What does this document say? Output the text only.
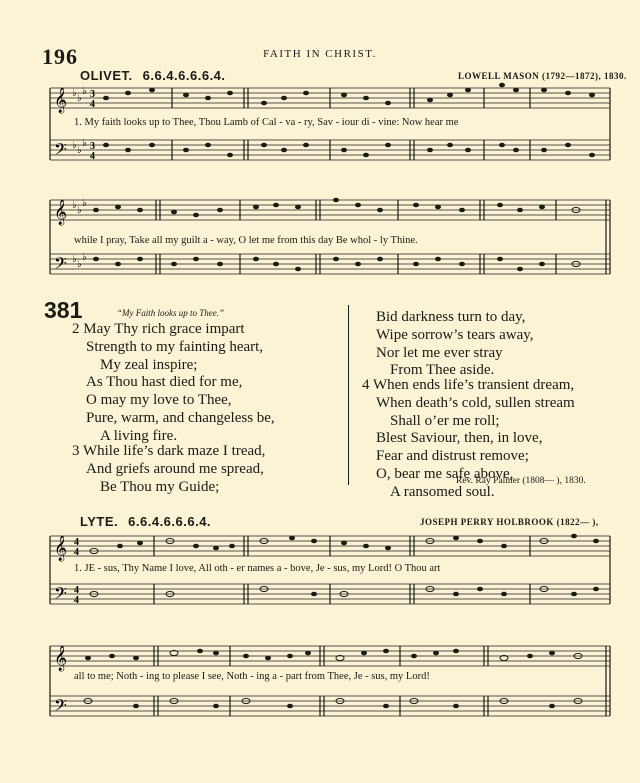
196	FAITH IN CHRIST.
OLIVET. 6.6.4.6.6.6.4.	LOWELL MASON (1792—1872), 1830.
𝄞
𝄢
♭ ♭
♭
♭ ♭
♭
3
4
3
4
1. My faith looks up to Thee, Thou Lamb of Cal - va - ry, Sav - iour di - vine: Now hear me
𝄞
𝄢
♭ ♭
♭
♭ ♭
♭
while I pray, Take all my guilt a - way, O let me from this day Be whol - ly Thine.
381	“My Faith looks up to Thee.”
2 May Thy rich grace impart
Strength to my fainting heart,
My zeal inspire;
As Thou hast died for me,
O may my love to Thee,
Pure, warm, and changeless be,
A living fire.
3 While life’s dark maze I tread,
And griefs around me spread,
Be Thou my Guide;
Bid darkness turn to day,
Wipe sorrow’s tears away,
Nor let me ever stray
From Thee aside.
4 When ends life’s transient dream,
When death’s cold, sullen stream
Shall o’er me roll;
Blest Saviour, then, in love,
Fear and distrust remove;
O, bear me safe above,
A ransomed soul.
Rev. Ray Palmer (1808— ), 1830.
LYTE. 6.6.4.6.6.6.4.	JOSEPH PERRY HOLBROOK (1822— ),
𝄞
𝄢
4
4
4
4
1. JE - sus, Thy Name I love, All oth - er names a - bove, Je - sus, my Lord! O Thou art
𝄞
𝄢
all to me; Noth - ing to please I see, Noth - ing a - part from Thee, Je - sus, my Lord!
